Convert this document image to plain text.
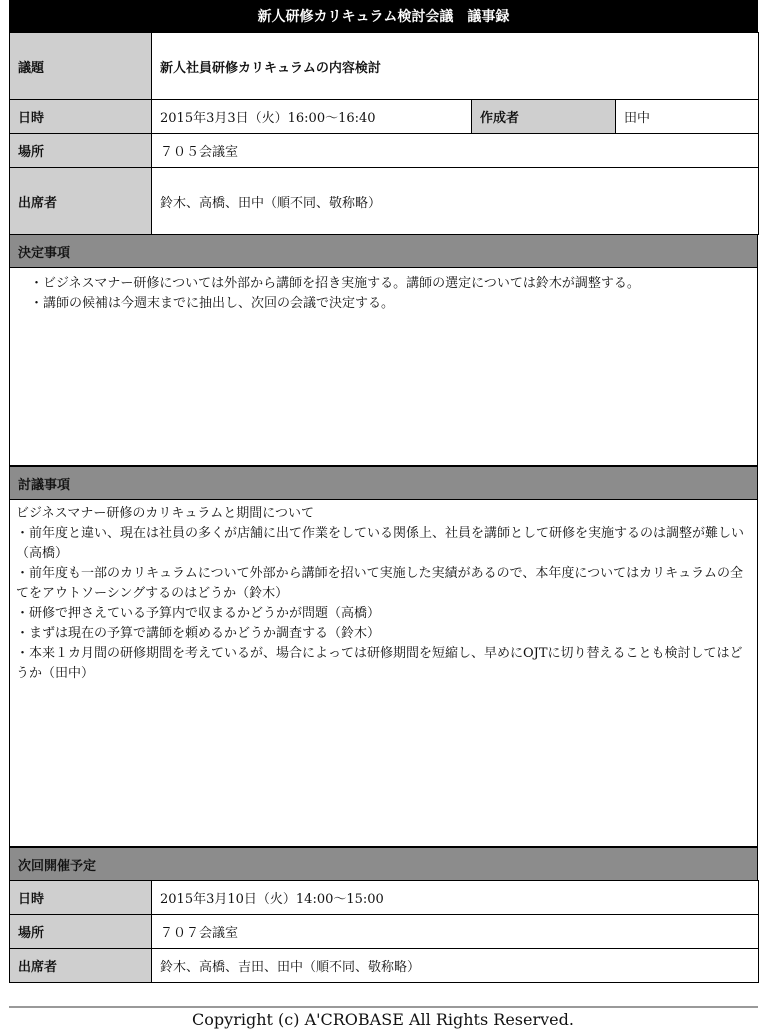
新人研修カリキュラム検討会議　議事録
議題	新人社員研修カリキュラムの内容検討		
日時	2015年3月3日（火）16:00〜16:40	作成者	田中
場所	７０５会議室		
出席者	鈴木、高橋、田中（順不同、敬称略）		
決定事項
・ビジネスマナー研修については外部から講師を招き実施する。講師の選定については鈴木が調整する。
・講師の候補は今週末までに抽出し、次回の会議で決定する。
討議事項
ビジネスマナー研修のカリキュラムと期間について
・前年度と違い、現在は社員の多くが店舗に出て作業をしている関係上、社員を講師として研修を実施するのは調整が難しい（高橋）
・前年度も一部のカリキュラムについて外部から講師を招いて実施した実績があるので、本年度についてはカリキュラムの全てをアウトソーシングするのはどうか（鈴木）
・研修で押さえている予算内で収まるかどうかが問題（高橋）
・まずは現在の予算で講師を頼めるかどうか調査する（鈴木）
・本来１カ月間の研修期間を考えているが、場合によっては研修期間を短縮し、早めにOJTに切り替えることも検討してはどうか（田中）
次回開催予定
日時	2015年3月10日（火）14:00〜15:00
場所	７０７会議室
出席者	鈴木、高橋、吉田、田中（順不同、敬称略）
Copyright (c) A'CROBASE All Rights Reserved.
